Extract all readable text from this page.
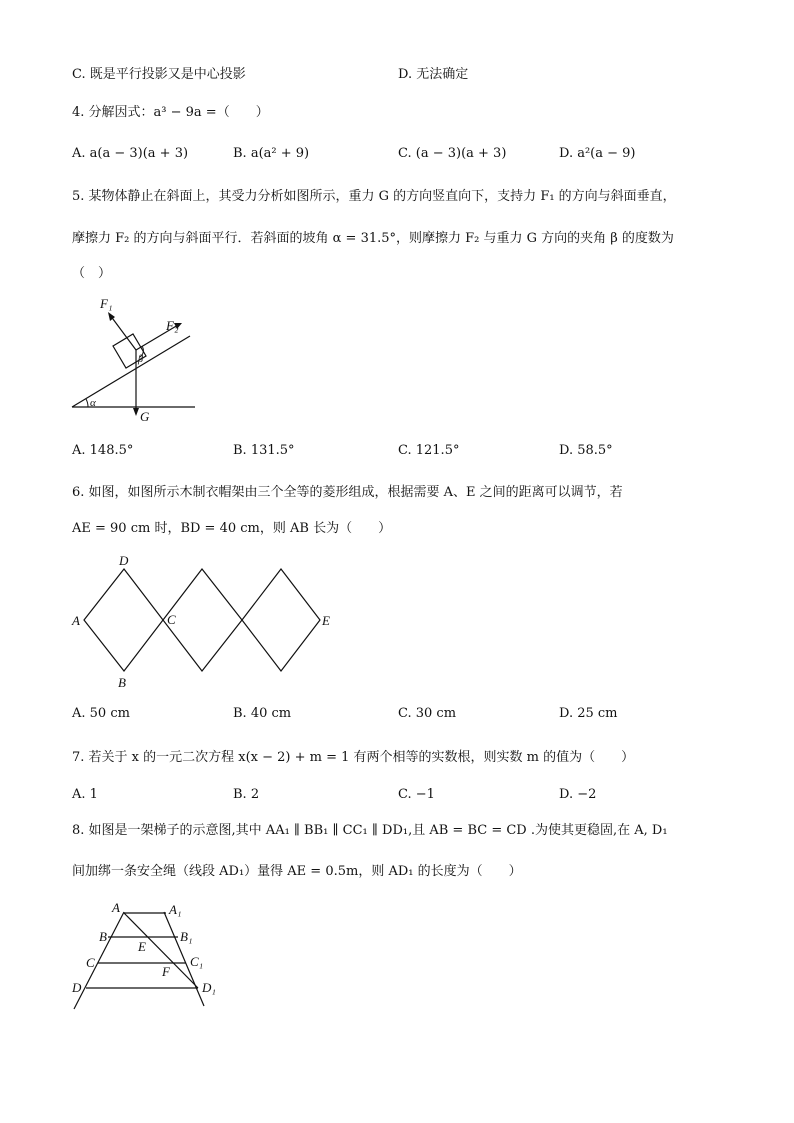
C. 既是平行投影又是中心投影	D. 无法确定
4. 分解因式：a³ − 9a =（　　）
A. a(a − 3)(a + 3)	B. a(a² + 9)	C. (a − 3)(a + 3)	D. a²(a − 9)
5. 某物体静止在斜面上，其受力分析如图所示，重力 G 的方向竖直向下，支持力 F₁ 的方向与斜面垂直，
摩擦力 F₂ 的方向与斜面平行．若斜面的坡角 α = 31.5°，则摩擦力 F₂ 与重力 G 方向的夹角 β 的度数为
（　）
F₁
F₂
G
α
β
A. 148.5°	B. 131.5°	C. 121.5°	D. 58.5°
6. 如图，如图所示木制衣帽架由三个全等的菱形组成，根据需要 A、E 之间的距离可以调节，若
AE = 90 cm 时，BD = 40 cm，则 AB 长为（　　）
A
D
C
B
E
A. 50 cm	B. 40 cm	C. 30 cm	D. 25 cm
7. 若关于 x 的一元二次方程 x(x − 2) + m = 1 有两个相等的实数根，则实数 m 的值为（　　）
A. 1	B. 2	C. −1	D. −2
8. 如图是一架梯子的示意图,其中 AA₁ ∥ BB₁ ∥ CC₁ ∥ DD₁,且 AB = BC = CD .为使其更稳固,在 A, D₁
间加绑一条安全绳（线段 AD₁）量得 AE = 0.5m，则 AD₁ 的长度为（　　）
A	A₁
B	B₁
E
C	C₁
F
D	D₁
